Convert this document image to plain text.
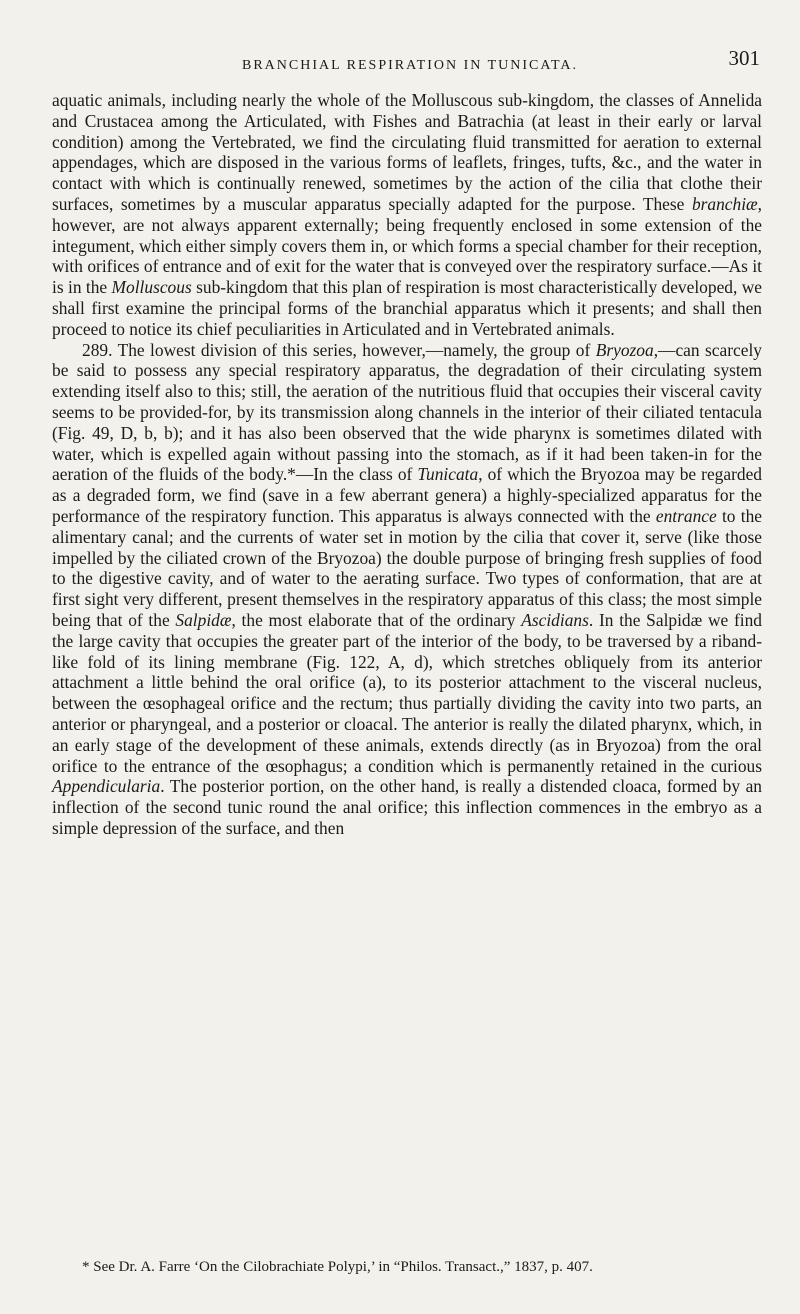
BRANCHIAL RESPIRATION IN TUNICATA.	301

aquatic animals, including nearly the whole of the Molluscous sub-kingdom, the classes of Annelida and Crustacea among the Articulated, with Fishes and Batrachia (at least in their early or larval condition) among the Vertebrated, we find the circulating fluid transmitted for aeration to external appendages, which are disposed in the various forms of leaflets, fringes, tufts, &c., and the water in contact with which is continually renewed, sometimes by the action of the cilia that clothe their surfaces, sometimes by a muscular apparatus specially adapted for the purpose. These branchiæ, however, are not always apparent externally; being frequently enclosed in some extension of the integument, which either simply covers them in, or which forms a special chamber for their reception, with orifices of entrance and of exit for the water that is conveyed over the respiratory surface.—As it is in the Molluscous sub-kingdom that this plan of respiration is most characteristically developed, we shall first examine the principal forms of the branchial apparatus which it presents; and shall then proceed to notice its chief peculiarities in Articulated and in Vertebrated animals.

289. The lowest division of this series, however,—namely, the group of Bryozoa,—can scarcely be said to possess any special respiratory apparatus, the degradation of their circulating system extending itself also to this; still, the aeration of the nutritious fluid that occupies their visceral cavity seems to be provided-for, by its transmission along channels in the interior of their ciliated tentacula (Fig. 49, D, b, b); and it has also been observed that the wide pharynx is sometimes dilated with water, which is expelled again without passing into the stomach, as if it had been taken-in for the aeration of the fluids of the body.*—In the class of Tunicata, of which the Bryozoa may be regarded as a degraded form, we find (save in a few aberrant genera) a highly-specialized apparatus for the performance of the respiratory function. This apparatus is always connected with the entrance to the alimentary canal; and the currents of water set in motion by the cilia that cover it, serve (like those impelled by the ciliated crown of the Bryozoa) the double purpose of bringing fresh supplies of food to the digestive cavity, and of water to the aerating surface. Two types of conformation, that are at first sight very different, present themselves in the respiratory apparatus of this class; the most simple being that of the Salpidæ, the most elaborate that of the ordinary Ascidians. In the Salpidæ we find the large cavity that occupies the greater part of the interior of the body, to be traversed by a riband-like fold of its lining membrane (Fig. 122, A, d), which stretches obliquely from its anterior attachment a little behind the oral orifice (a), to its posterior attachment to the visceral nucleus, between the œsophageal orifice and the rectum; thus partially dividing the cavity into two parts, an anterior or pharyngeal, and a posterior or cloacal. The anterior is really the dilated pharynx, which, in an early stage of the development of these animals, extends directly (as in Bryozoa) from the oral orifice to the entrance of the œsophagus; a condition which is permanently retained in the curious Appendicularia. The posterior portion, on the other hand, is really a distended cloaca, formed by an inflection of the second tunic round the anal orifice; this inflection commences in the embryo as a simple depression of the surface, and then

* See Dr. A. Farre ‘On the Cilobrachiate Polypi,’ in “Philos. Transact.,” 1837, p. 407.
